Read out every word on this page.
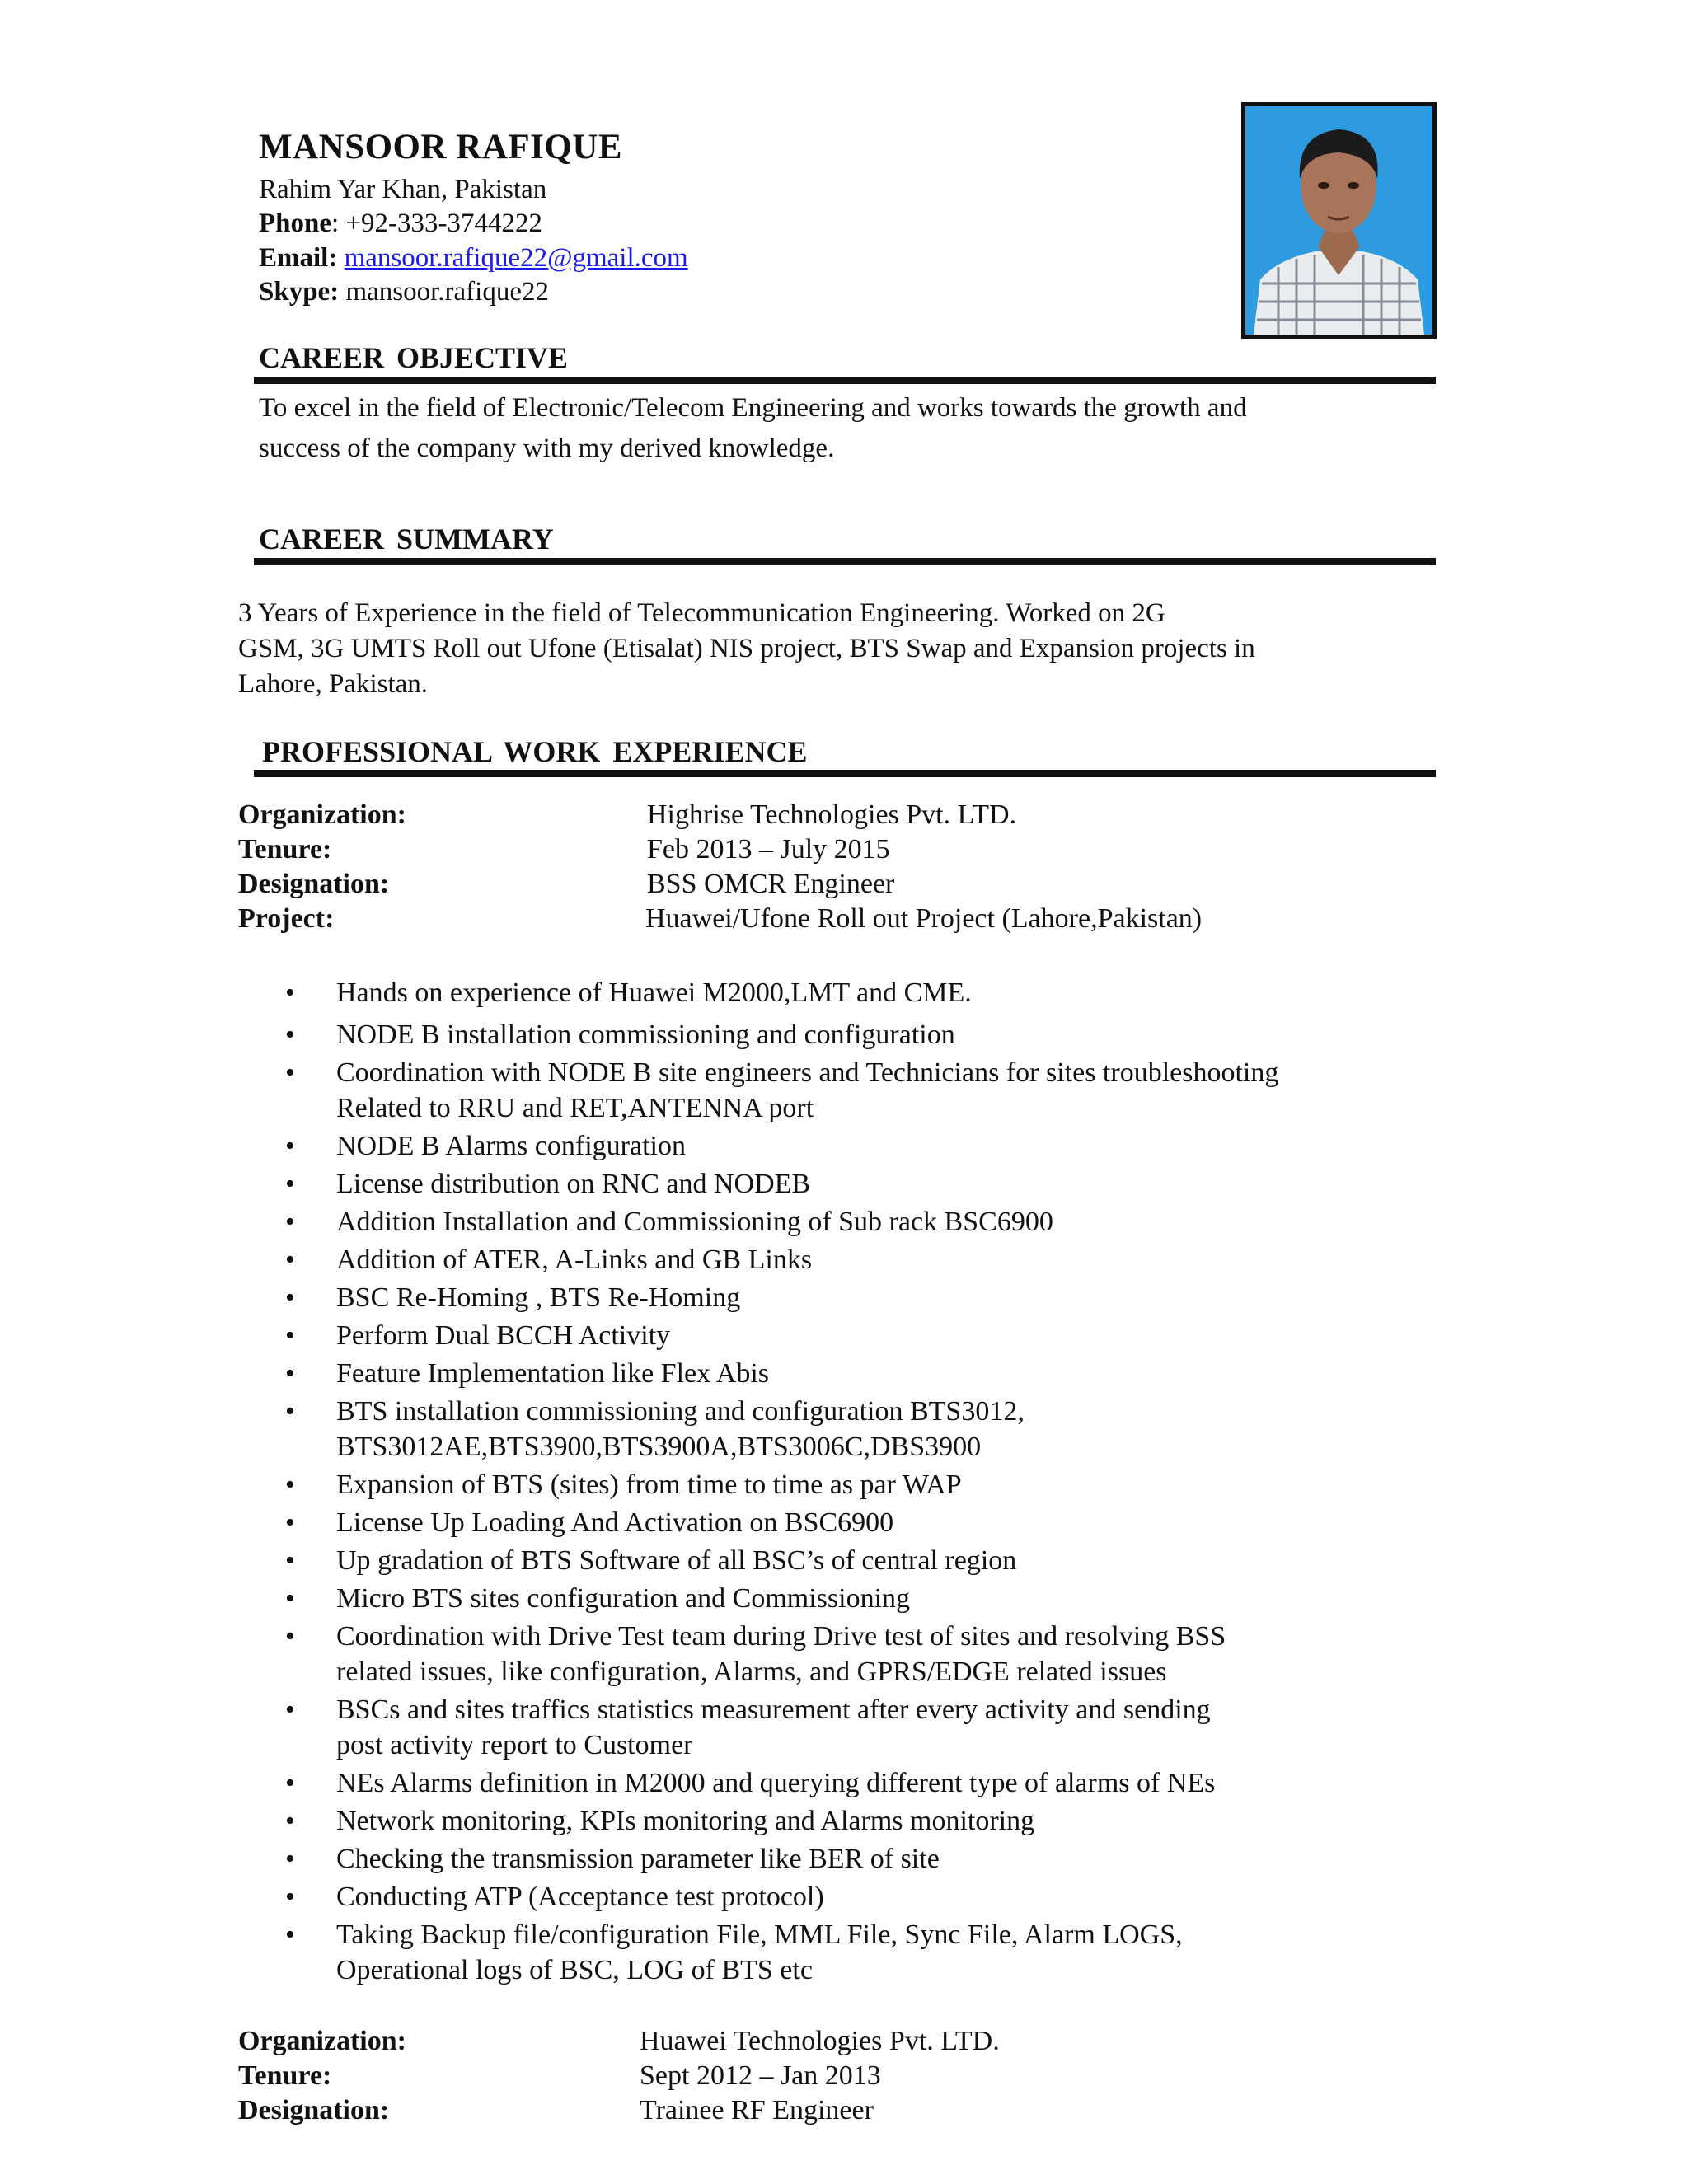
MANSOOR RAFIQUE
Rahim Yar Khan, Pakistan
Phone: +92-333-3744222
Email: mansoor.rafique22@gmail.com
Skype: mansoor.rafique22
CAREER OBJECTIVE
To excel in the field of Electronic/Telecom Engineering and works towards the growth and
success of the company with my derived knowledge.
CAREER SUMMARY
3 Years of Experience in the field of Telecommunication Engineering. Worked on 2G
GSM, 3G UMTS Roll out Ufone (Etisalat) NIS project, BTS Swap and Expansion projects in
Lahore, Pakistan.
PROFESSIONAL WORK EXPERIENCE
Organization:	Highrise Technologies Pvt. LTD.
Tenure:	Feb 2013 – July 2015
Designation:	BSS OMCR Engineer
Project:	Huawei/Ufone Roll out Project (Lahore,Pakistan)
• Hands on experience of Huawei M2000,LMT and CME.
• NODE B installation commissioning and configuration
• Coordination with NODE B site engineers and Technicians for sites troubleshooting
Related to RRU and RET,ANTENNA port
• NODE B Alarms configuration
• License distribution on RNC and NODEB
• Addition Installation and Commissioning of Sub rack BSC6900
• Addition of ATER, A-Links and GB Links
• BSC Re-Homing , BTS Re-Homing
• Perform Dual BCCH Activity
• Feature Implementation like Flex Abis
• BTS installation commissioning and configuration BTS3012,
BTS3012AE,BTS3900,BTS3900A,BTS3006C,DBS3900
• Expansion of BTS (sites) from time to time as par WAP
• License Up Loading And Activation on BSC6900
• Up gradation of BTS Software of all BSC’s of central region
• Micro BTS sites configuration and Commissioning
• Coordination with Drive Test team during Drive test of sites and resolving BSS
related issues, like configuration, Alarms, and GPRS/EDGE related issues
• BSCs and sites traffics statistics measurement after every activity and sending
post activity report to Customer
• NEs Alarms definition in M2000 and querying different type of alarms of NEs
• Network monitoring, KPIs monitoring and Alarms monitoring
• Checking the transmission parameter like BER of site
• Conducting ATP (Acceptance test protocol)
• Taking Backup file/configuration File, MML File, Sync File, Alarm LOGS,
Operational logs of BSC, LOG of BTS etc
Organization:	Huawei Technologies Pvt. LTD.
Tenure:	Sept 2012 – Jan 2013
Designation:	Trainee RF Engineer
